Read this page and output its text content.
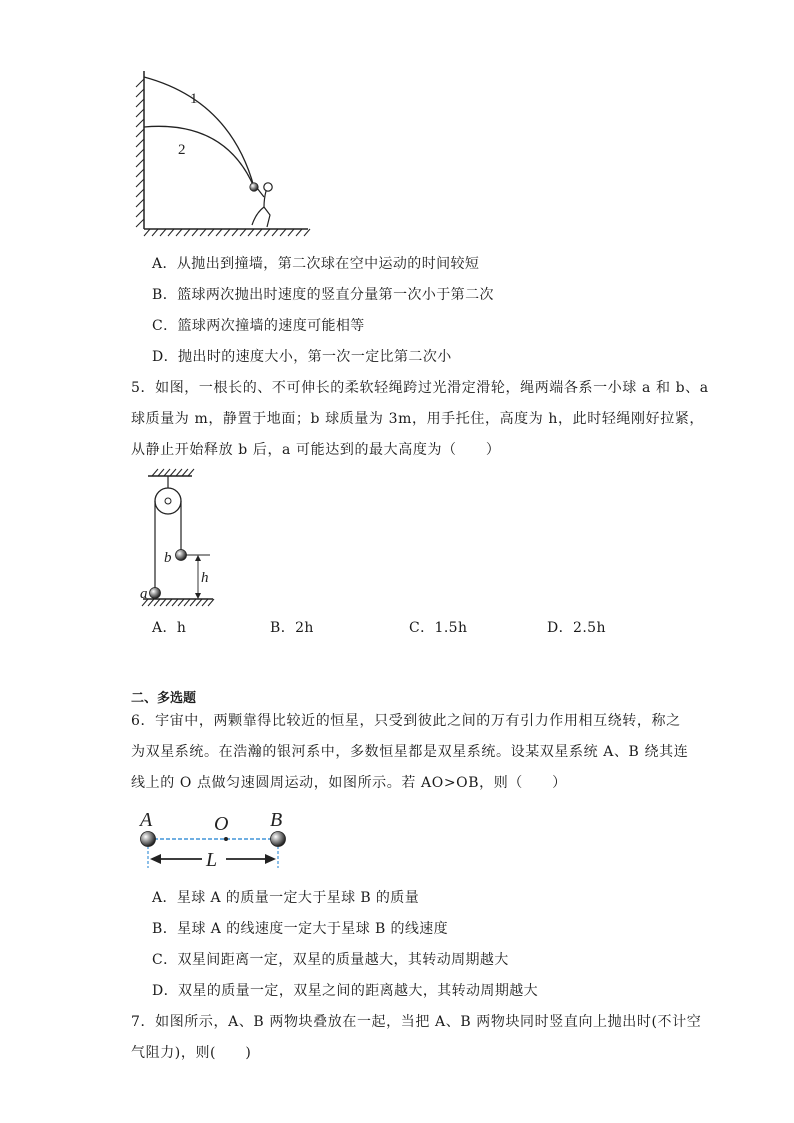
1
2
A．从抛出到撞墙，第二次球在空中运动的时间较短
B．篮球两次抛出时速度的竖直分量第一次小于第二次
C．篮球两次撞墙的速度可能相等
D．抛出时的速度大小，第一次一定比第二次小
5．如图，一根长的、不可伸长的柔软轻绳跨过光滑定滑轮，绳两端各系一小球 a 和 b、a
球质量为 m，静置于地面；b 球质量为 3m，用手托住，高度为 h，此时轻绳刚好拉紧，
从静止开始释放 b 后，a 可能达到的最大高度为（　　）
b
a
h
A．h	B．2h	C．1.5h	D．2.5h
二、多选题
6．宇宙中，两颗靠得比较近的恒星，只受到彼此之间的万有引力作用相互绕转，称之
为双星系统。在浩瀚的银河系中，多数恒星都是双星系统。设某双星系统 A、B 绕其连
线上的 O 点做匀速圆周运动，如图所示。若 AO>OB，则（　　）
A	O B
L
A．星球 A 的质量一定大于星球 B 的质量
B．星球 A 的线速度一定大于星球 B 的线速度
C．双星间距离一定，双星的质量越大，其转动周期越大
D．双星的质量一定，双星之间的距离越大，其转动周期越大
7．如图所示，A、B 两物块叠放在一起，当把 A、B 两物块同时竖直向上抛出时(不计空
气阻力)，则(　　)
